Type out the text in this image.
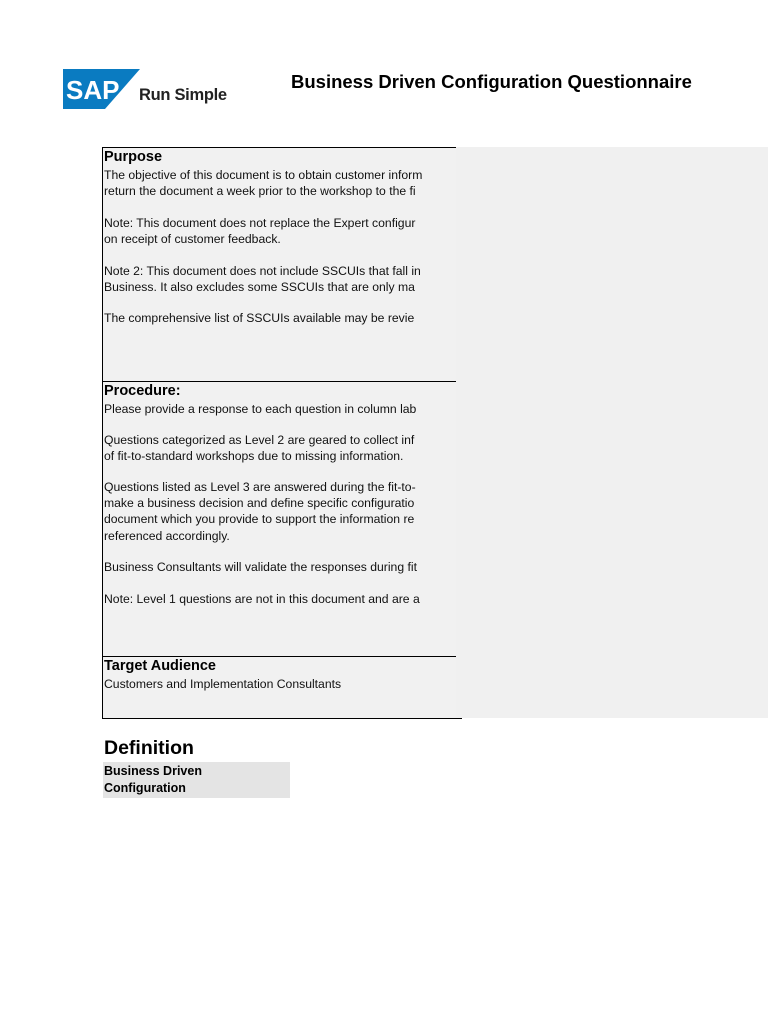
SAP Run Simple
Business Driven Configuration Questionnaire
Purpose
The objective of this document is to obtain customer inform
return the document a week prior to the workshop to the fi
Note: This document does not replace the Expert configur
on receipt of customer feedback.
Note 2: This document does not include SSCUIs that fall in
Business. It also excludes some SSCUIs that are only ma
The comprehensive list of SSCUIs available may be revie
Procedure:
Please provide a response to each question in column lab
Questions categorized as Level 2 are geared to collect inf
of fit-to-standard workshops due to missing information.
Questions listed as Level 3 are answered during the fit-to-
make a business decision and define specific configuratio
document which you provide to support the information re
referenced accordingly.
Business Consultants will validate the responses during fit
Note: Level 1 questions are not in this document and are a
Target Audience
Customers and Implementation Consultants
Definition
Business Driven
Configuration
